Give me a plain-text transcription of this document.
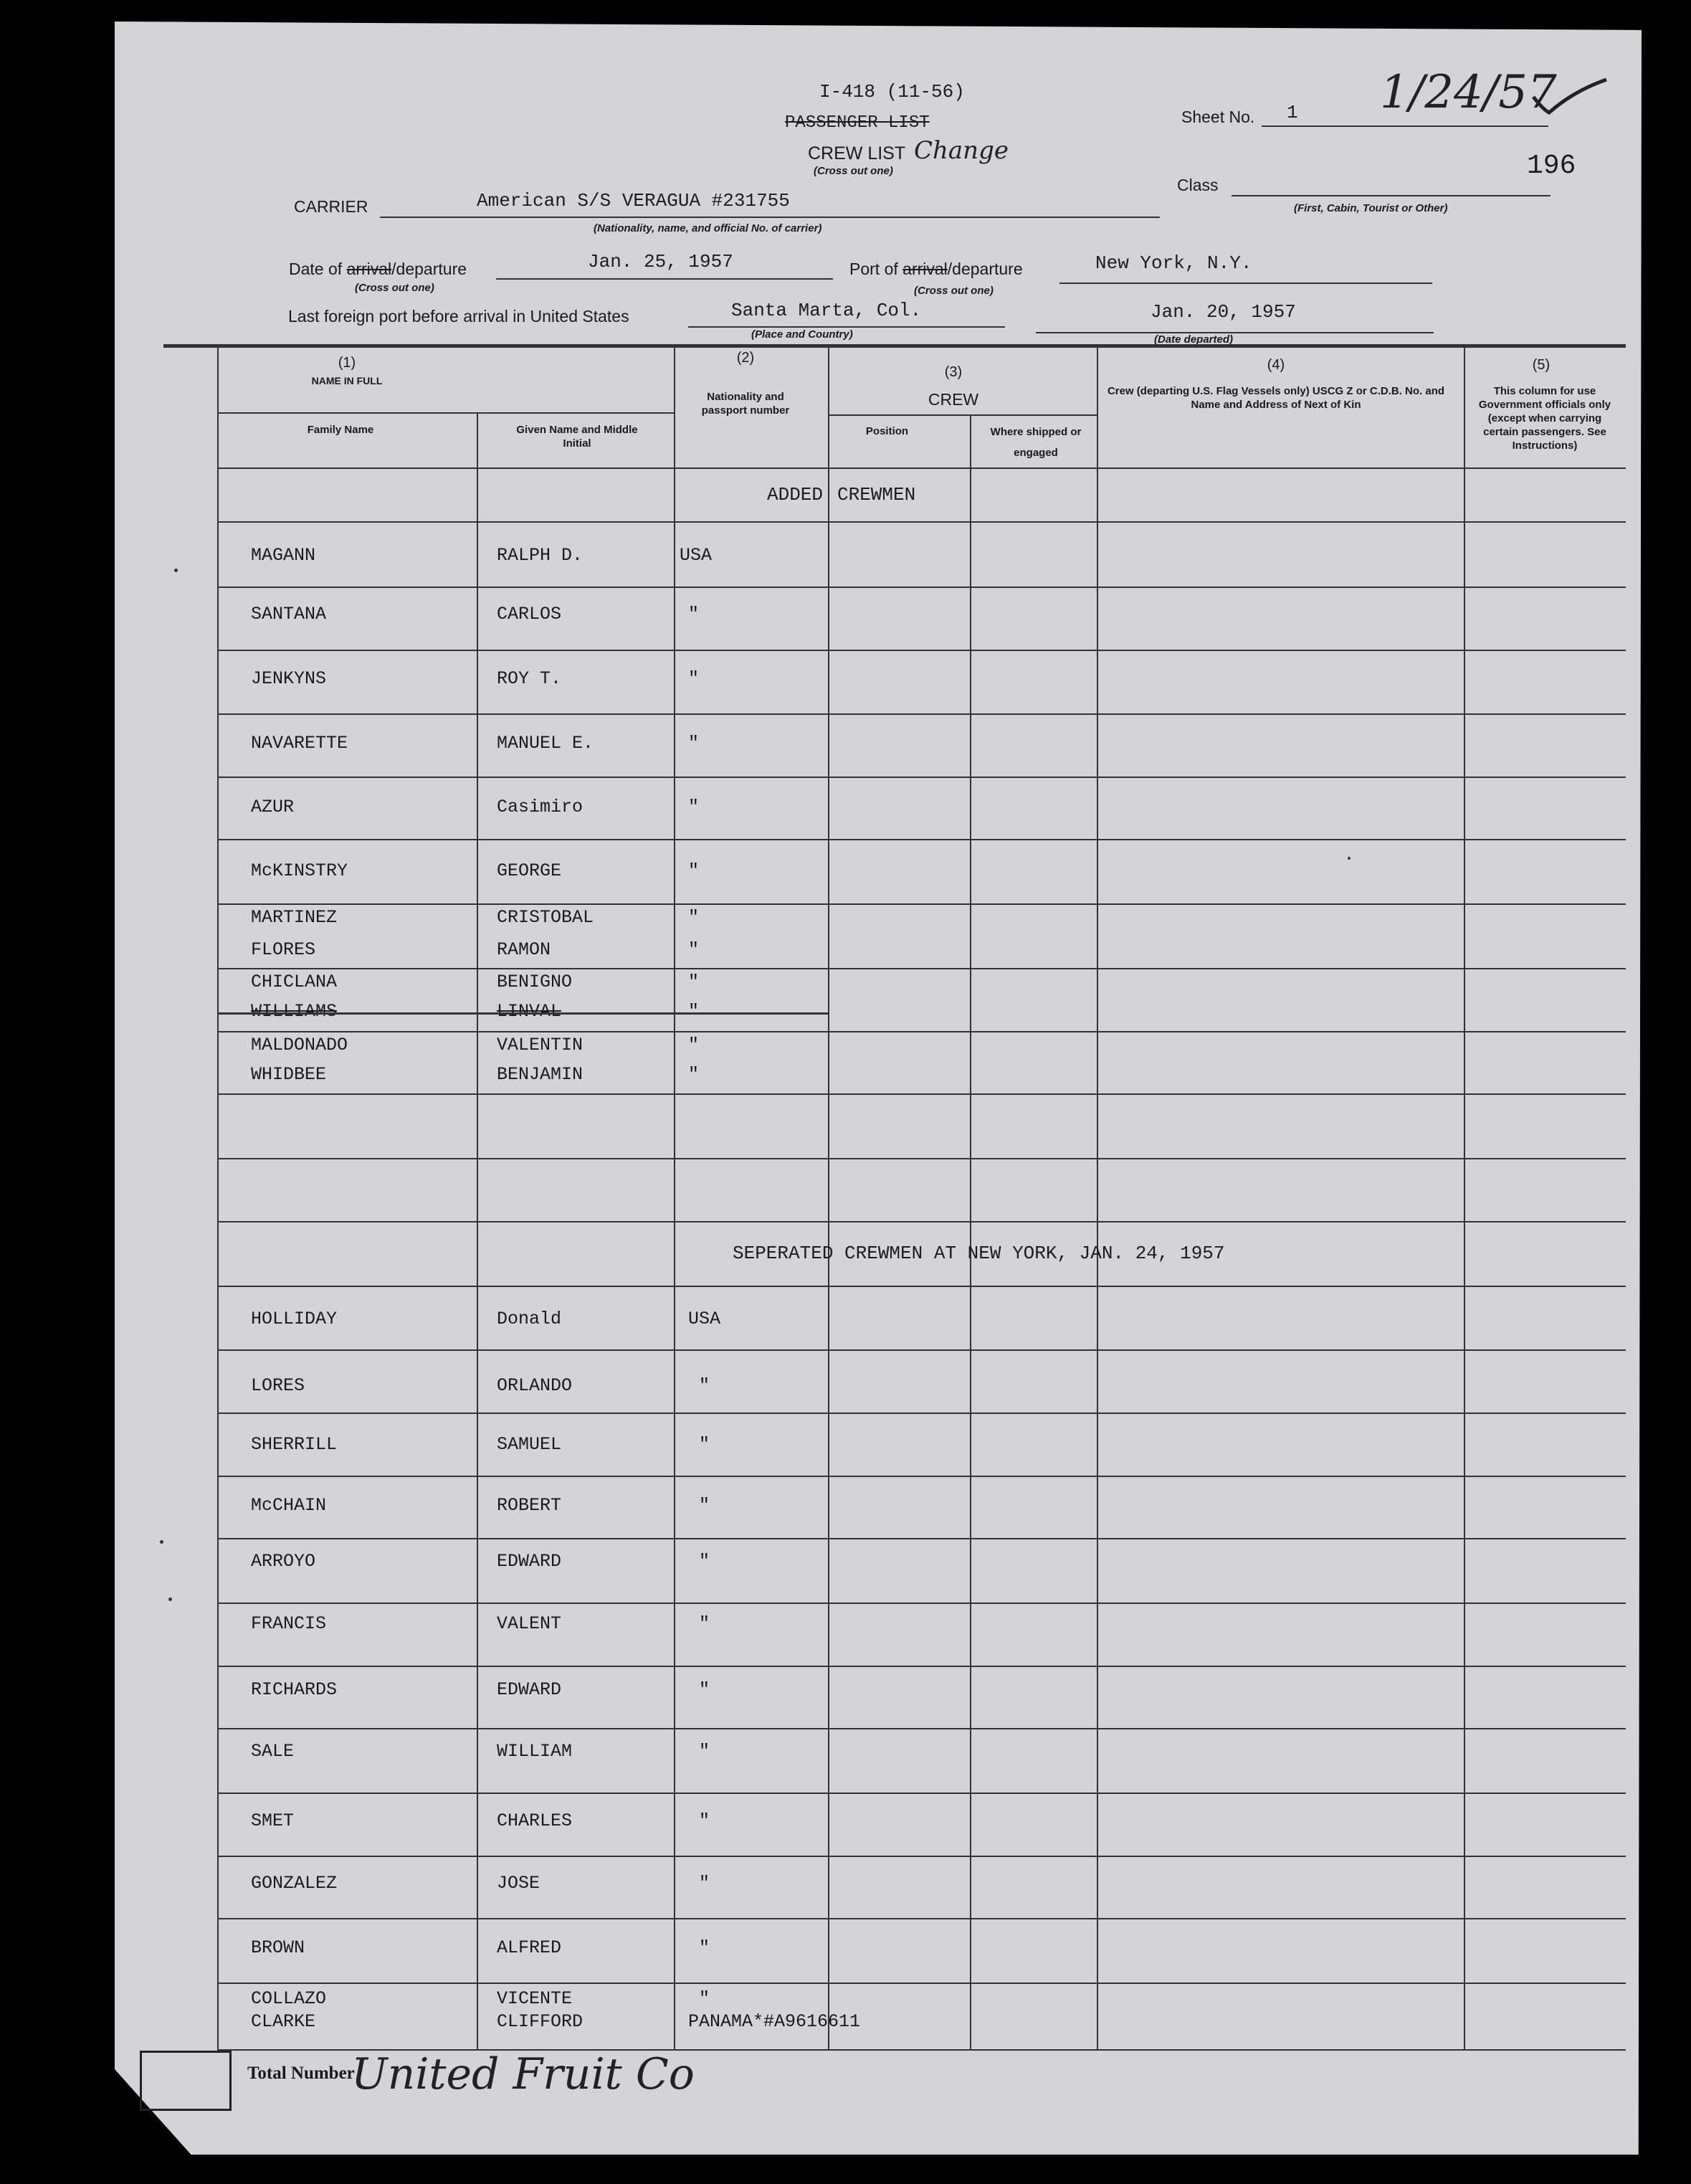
I-418 (11-56)
PASSENGER LIST
CREW LIST Change
(Cross out one)
Sheet No. 1 1/24/57
196
Class
(First, Cabin, Tourist or Other)
CARRIER	American S/S VERAGUA #231755
(Nationality, name, and official No. of carrier)
Date of arrival/departure	Jan. 25, 1957
(Cross out one)
Port of arrival/departure	New York, N.Y.
(Cross out one)
Last foreign port before arrival in United States	Santa Marta, Col.
(Place and Country)
Jan. 20, 1957
(Date departed)
(1)
NAME IN FULL
Family Name	Given Name and Middle Initial
(2)
Nationality and passport number
(3)
CREW
Position	Where shipped or engaged
(4)
Crew (departing U.S. Flag Vessels only) USCG Z or C.D.B. No. and Name and Address of Next of Kin
(5)
This column for use Government officials only (except when carrying certain passengers. See Instructions)
ADDED CREWMEN
MAGANN	RALPH D.	USA
SANTANA	CARLOS	"
JENKYNS	ROY T.	"
NAVARETTE	MANUEL E.	"
AZUR	Casimiro	"
McKINSTRY	GEORGE	"
MARTINEZ	CRISTOBAL	"
FLORES	RAMON	"
CHICLANA	BENIGNO	"
WILLIAMS	LINVAL	"
MALDONADO	VALENTIN	"
WHIDBEE	BENJAMIN	"
SEPERATED CREWMEN AT NEW YORK, JAN. 24, 1957
HOLLIDAY	Donald	USA
LORES	ORLANDO	"
SHERRILL	SAMUEL	"
McCHAIN	ROBERT	"
ARROYO	EDWARD	"
FRANCIS	VALENT	"
RICHARDS	EDWARD	"
SALE	WILLIAM	"
SMET	CHARLES	"
GONZALEZ	JOSE	"
BROWN	ALFRED	"
COLLAZO	VICENTE	"
CLARKE	CLIFFORD	PANAMA*#A9616611
Total Number
United Fruit Co
